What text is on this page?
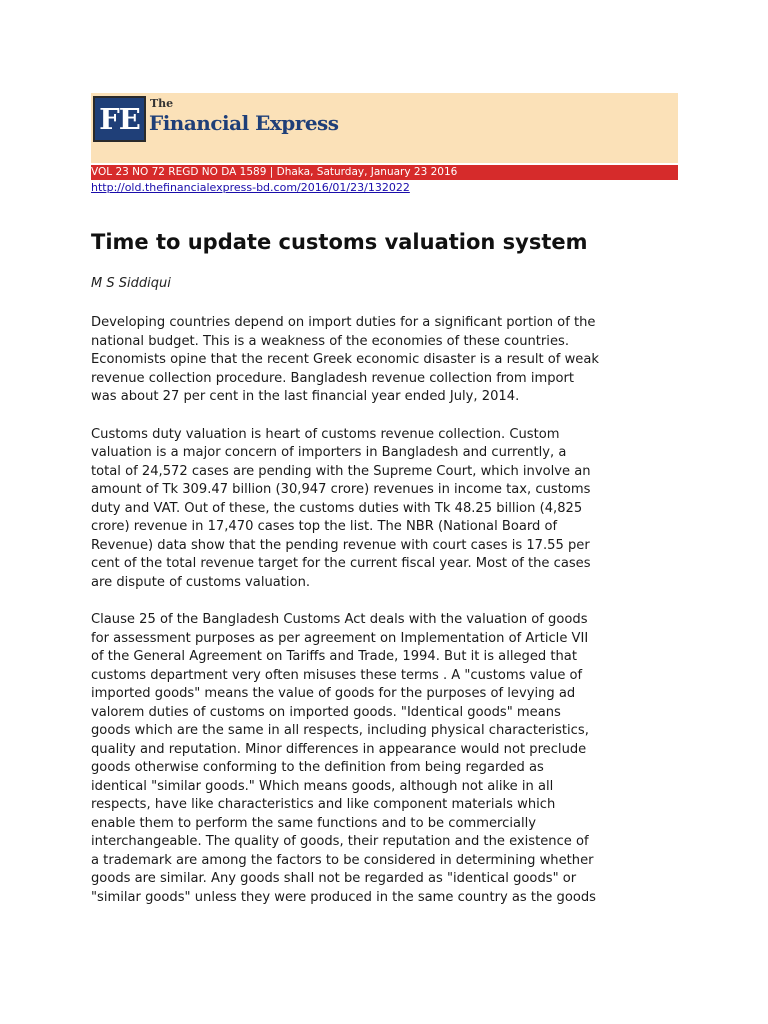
FE The
Financial Express
VOL 23 NO 72 REGD NO DA 1589 | Dhaka, Saturday, January 23 2016
http://old.thefinancialexpress-bd.com/2016/01/23/132022
Time to update customs valuation system
M S Siddiqui

Developing countries depend on import duties for a significant portion of the
national budget. This is a weakness of the economies of these countries.
Economists opine that the recent Greek economic disaster is a result of weak
revenue collection procedure. Bangladesh revenue collection from import
was about 27 per cent in the last financial year ended July, 2014.

Customs duty valuation is heart of customs revenue collection. Custom
valuation is a major concern of importers in Bangladesh and currently, a
total of 24,572 cases are pending with the Supreme Court, which involve an
amount of Tk 309.47 billion (30,947 crore) revenues in income tax, customs
duty and VAT. Out of these, the customs duties with Tk 48.25 billion (4,825
crore) revenue in 17,470 cases top the list. The NBR (National Board of
Revenue) data show that the pending revenue with court cases is 17.55 per
cent of the total revenue target for the current fiscal year. Most of the cases
are dispute of customs valuation.

Clause 25 of the Bangladesh Customs Act deals with the valuation of goods
for assessment purposes as per agreement on Implementation of Article VII
of the General Agreement on Tariffs and Trade, 1994. But it is alleged that
customs department very often misuses these terms . A "customs value of
imported goods" means the value of goods for the purposes of levying ad
valorem duties of customs on imported goods. "Identical goods" means
goods which are the same in all respects, including physical characteristics,
quality and reputation. Minor differences in appearance would not preclude
goods otherwise conforming to the definition from being regarded as
identical "similar goods." Which means goods, although not alike in all
respects, have like characteristics and like component materials which
enable them to perform the same functions and to be commercially
interchangeable. The quality of goods, their reputation and the existence of
a trademark are among the factors to be considered in determining whether
goods are similar. Any goods shall not be regarded as "identical goods" or
"similar goods" unless they were produced in the same country as the goods
